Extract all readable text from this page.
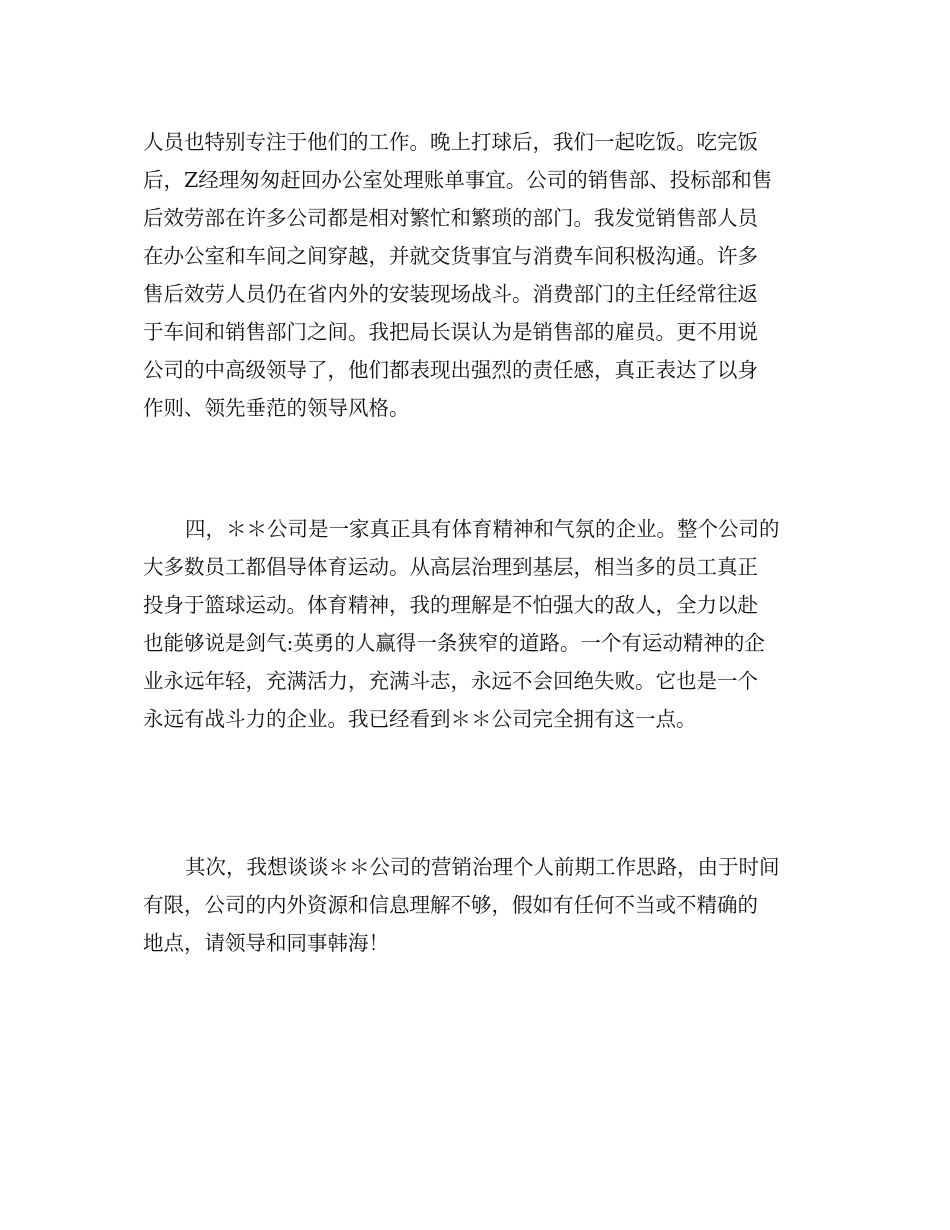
人员也特别专注于他们的工作。晚上打球后，我们一起吃饭。吃完饭
后，Z经理匆匆赶回办公室处理账单事宜。公司的销售部、投标部和售
后效劳部在许多公司都是相对繁忙和繁琐的部门。我发觉销售部人员
在办公室和车间之间穿越，并就交货事宜与消费车间积极沟通。许多
售后效劳人员仍在省内外的安装现场战斗。消费部门的主任经常往返
于车间和销售部门之间。我把局长误认为是销售部的雇员。更不用说
公司的中高级领导了，他们都表现出强烈的责任感，真正表达了以身
作则、领先垂范的领导风格。
四，＊＊公司是一家真正具有体育精神和气氛的企业。整个公司的
大多数员工都倡导体育运动。从高层治理到基层，相当多的员工真正
投身于篮球运动。体育精神，我的理解是不怕强大的敌人，全力以赴
也能够说是剑气:英勇的人赢得一条狭窄的道路。一个有运动精神的企
业永远年轻，充满活力，充满斗志，永远不会回绝失败。它也是一个
永远有战斗力的企业。我已经看到＊＊公司完全拥有这一点。
其次，我想谈谈＊＊公司的营销治理个人前期工作思路，由于时间
有限，公司的内外资源和信息理解不够，假如有任何不当或不精确的
地点，请领导和同事韩海！
